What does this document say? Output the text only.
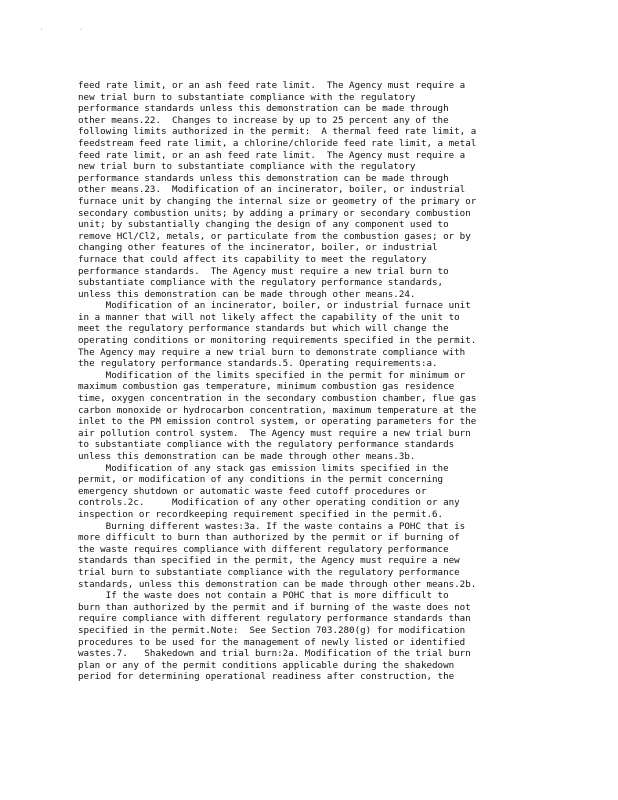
' '
feed rate limit, or an ash feed rate limit.  The Agency must require a
new trial burn to substantiate compliance with the regulatory
performance standards unless this demonstration can be made through
other means.22.  Changes to increase by up to 25 percent any of the
following limits authorized in the permit:  A thermal feed rate limit, a
feedstream feed rate limit, a chlorine/chloride feed rate limit, a metal
feed rate limit, or an ash feed rate limit.  The Agency must require a
new trial burn to substantiate compliance with the regulatory
performance standards unless this demonstration can be made through
other means.23.  Modification of an incinerator, boiler, or industrial
furnace unit by changing the internal size or geometry of the primary or
secondary combustion units; by adding a primary or secondary combustion
unit; by substantially changing the design of any component used to
remove HCl/Cl2, metals, or particulate from the combustion gases; or by
changing other features of the incinerator, boiler, or industrial
furnace that could affect its capability to meet the regulatory
performance standards.  The Agency must require a new trial burn to
substantiate compliance with the regulatory performance standards,
unless this demonstration can be made through other means.24.
Modification of an incinerator, boiler, or industrial furnace unit
in a manner that will not likely affect the capability of the unit to
meet the regulatory performance standards but which will change the
operating conditions or monitoring requirements specified in the permit.
The Agency may require a new trial burn to demonstrate compliance with
the regulatory performance standards.5. Operating requirements:a.
Modification of the limits specified in the permit for minimum or
maximum combustion gas temperature, minimum combustion gas residence
time, oxygen concentration in the secondary combustion chamber, flue gas
carbon monoxide or hydrocarbon concentration, maximum temperature at the
inlet to the PM emission control system, or operating parameters for the
air pollution control system.  The Agency must require a new trial burn
to substantiate compliance with the regulatory performance standards
unless this demonstration can be made through other means.3b.
Modification of any stack gas emission limits specified in the
permit, or modification of any conditions in the permit concerning
emergency shutdown or automatic waste feed cutoff procedures or
controls.2c.     Modification of any other operating condition or any
inspection or recordkeeping requirement specified in the permit.6.
Burning different wastes:3a. If the waste contains a POHC that is
more difficult to burn than authorized by the permit or if burning of
the waste requires compliance with different regulatory performance
standards than specified in the permit, the Agency must require a new
trial burn to substantiate compliance with the regulatory performance
standards, unless this demonstration can be made through other means.2b.
If the waste does not contain a POHC that is more difficult to
burn than authorized by the permit and if burning of the waste does not
require compliance with different regulatory performance standards than
specified in the permit.Note:  See Section 703.280(g) for modification
procedures to be used for the management of newly listed or identified
wastes.7.   Shakedown and trial burn:2a. Modification of the trial burn
plan or any of the permit conditions applicable during the shakedown
period for determining operational readiness after construction, the
